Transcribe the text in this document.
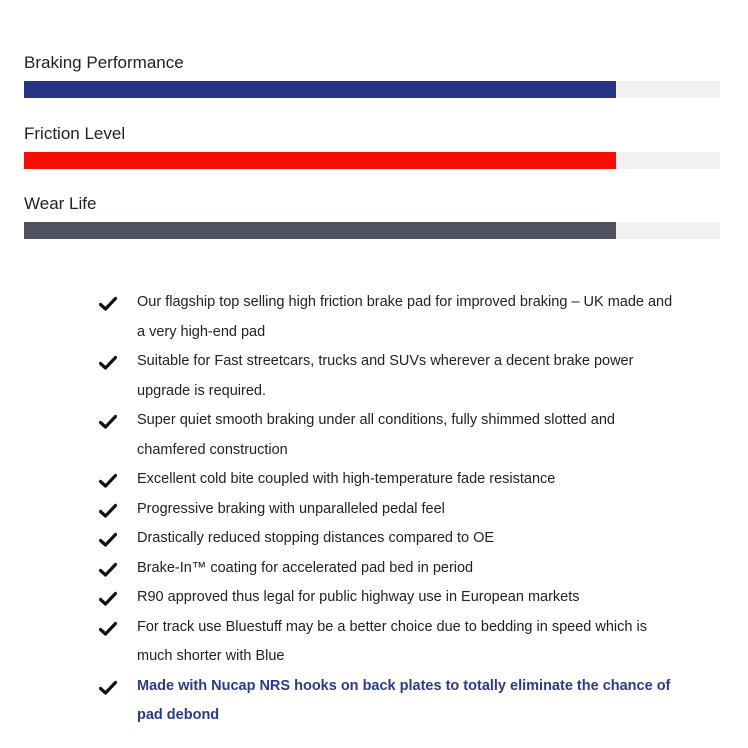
Braking Performance
Friction Level
Wear Life
Our flagship top selling high friction brake pad for improved braking – UK made and a very high-end pad
Suitable for Fast streetcars, trucks and SUVs wherever a decent brake power upgrade is required.
Super quiet smooth braking under all conditions, fully shimmed slotted and chamfered construction
Excellent cold bite coupled with high-temperature fade resistance
Progressive braking with unparalleled pedal feel
Drastically reduced stopping distances compared to OE
Brake-In™ coating for accelerated pad bed in period
R90 approved thus legal for public highway use in European markets
For track use Bluestuff may be a better choice due to bedding in speed which is much shorter with Blue
Made with Nucap NRS hooks on back plates to totally eliminate the chance of pad debond
